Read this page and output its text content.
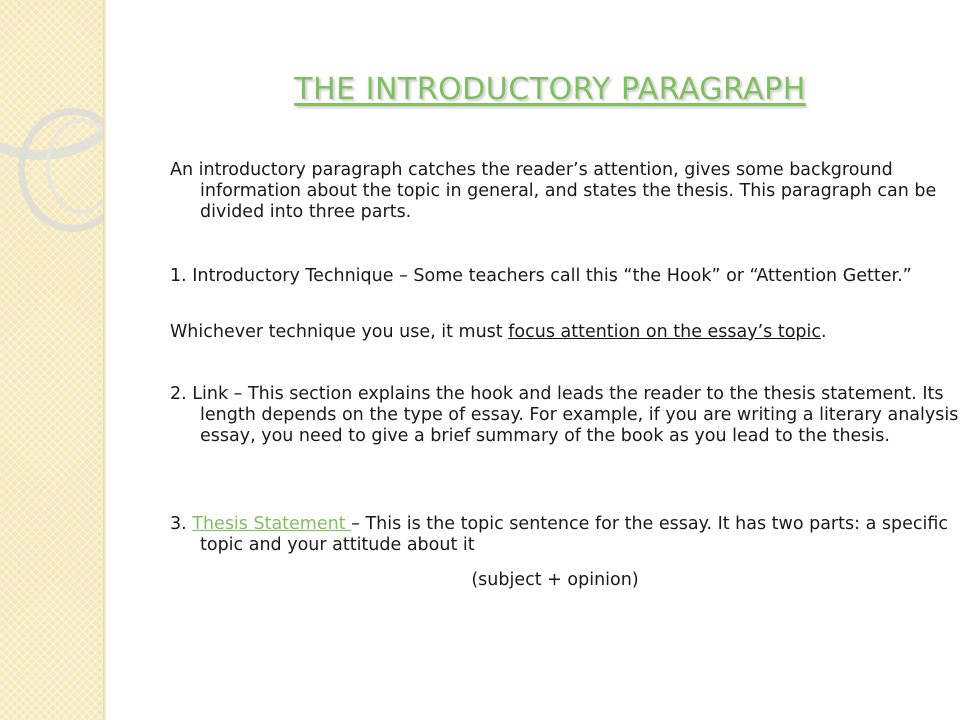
THE INTRODUCTORY PARAGRAPH

An introductory paragraph catches the reader’s attention, gives some background information about the topic in general, and states the thesis. This paragraph can be divided into three parts.

1. Introductory Technique – Some teachers call this “the Hook” or “Attention Getter.”

Whichever technique you use, it must focus attention on the essay’s topic.

2. Link – This section explains the hook and leads the reader to the thesis statement. Its length depends on the type of essay. For example, if you are writing a literary analysis essay, you need to give a brief summary of the book as you lead to the thesis.

3. Thesis Statement – This is the topic sentence for the essay. It has two parts: a specific topic and your attitude about it

(subject + opinion)
